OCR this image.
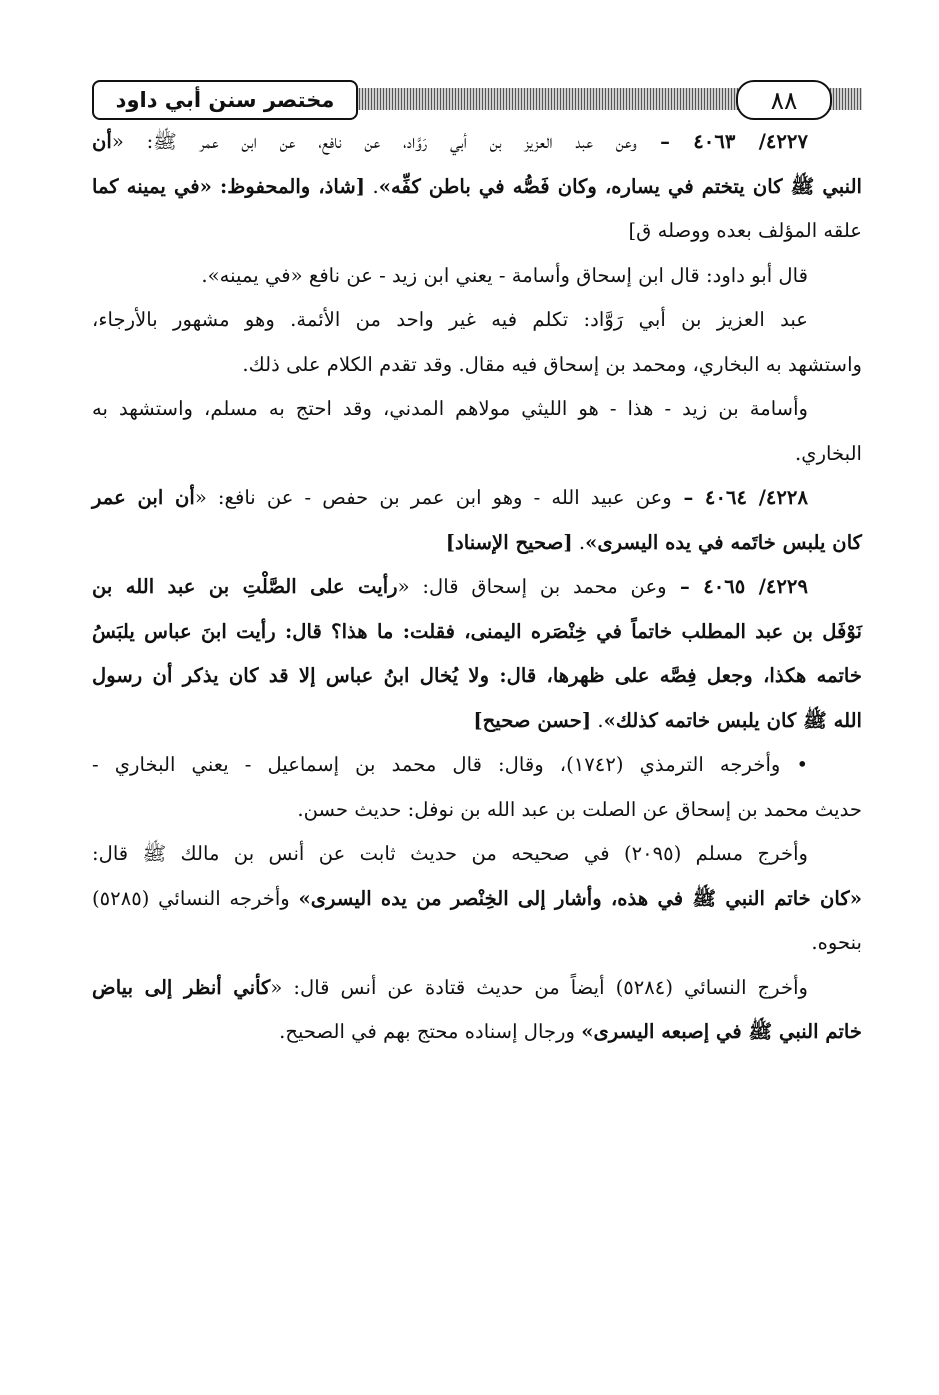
مختصر سنن أبي داود	٨٨

٤٢٢٧/ ٤٠٦٣ – وعن عبد العزيز بن أبي رَوَّاد، عن نافع، عن ابن عمر ﷺ: «أن

النبي ﷺ كان يتختم في يساره، وكان فَصُّه في باطن كفِّه». [شاذ، والمحفوظ: «في يمينه كما

علقه المؤلف بعده ووصله ق]

قال أبو داود: قال ابن إسحاق وأسامة - يعني ابن زيد - عن نافع «في يمينه».

عبد العزيز بن أبي رَوَّاد: تكلم فيه غير واحد من الأئمة. وهو مشهور بالأرجاء،

واستشهد به البخاري، ومحمد بن إسحاق فيه مقال. وقد تقدم الكلام على ذلك.

وأسامة بن زيد - هذا - هو الليثي مولاهم المدني، وقد احتج به مسلم، واستشهد به

البخاري.

٤٢٢٨/ ٤٠٦٤ – وعن عبيد الله - وهو ابن عمر بن حفص - عن نافع: «أن ابن عمر

كان يلبس خاتَمه في يده اليسرى». [صحيح الإسناد]

٤٢٢٩/ ٤٠٦٥ – وعن محمد بن إسحاق قال: «رأيت على الصَّلْتِ بن عبد الله بن

نَوْفَل بن عبد المطلب خاتماً في خِنْصَره اليمنى، فقلت: ما هذا؟ قال: رأيت ابنَ عباس يلبَسُ

خاتمه هكذا، وجعل فِصَّه على ظهرها، قال: ولا يُخال ابنُ عباس إلا قد كان يذكر أن رسول

الله ﷺ كان يلبس خاتمه كذلك». [حسن صحيح]

• وأخرجه الترمذي (١٧٤٢)، وقال: قال محمد بن إسماعيل - يعني البخاري -

حديث محمد بن إسحاق عن الصلت بن عبد الله بن نوفل: حديث حسن.

وأخرج مسلم (٢٠٩٥) في صحيحه من حديث ثابت عن أنس بن مالك ﷺ قال:

«كان خاتم النبي ﷺ في هذه، وأشار إلى الخِنْصر من يده اليسرى» وأخرجه النسائي (٥٢٨٥)

بنحوه.

وأخرج النسائي (٥٢٨٤) أيضاً من حديث قتادة عن أنس قال: «كأني أنظر إلى بياض

خاتم النبي ﷺ في إصبعه اليسرى» ورجال إسناده محتج بهم في الصحيح.
